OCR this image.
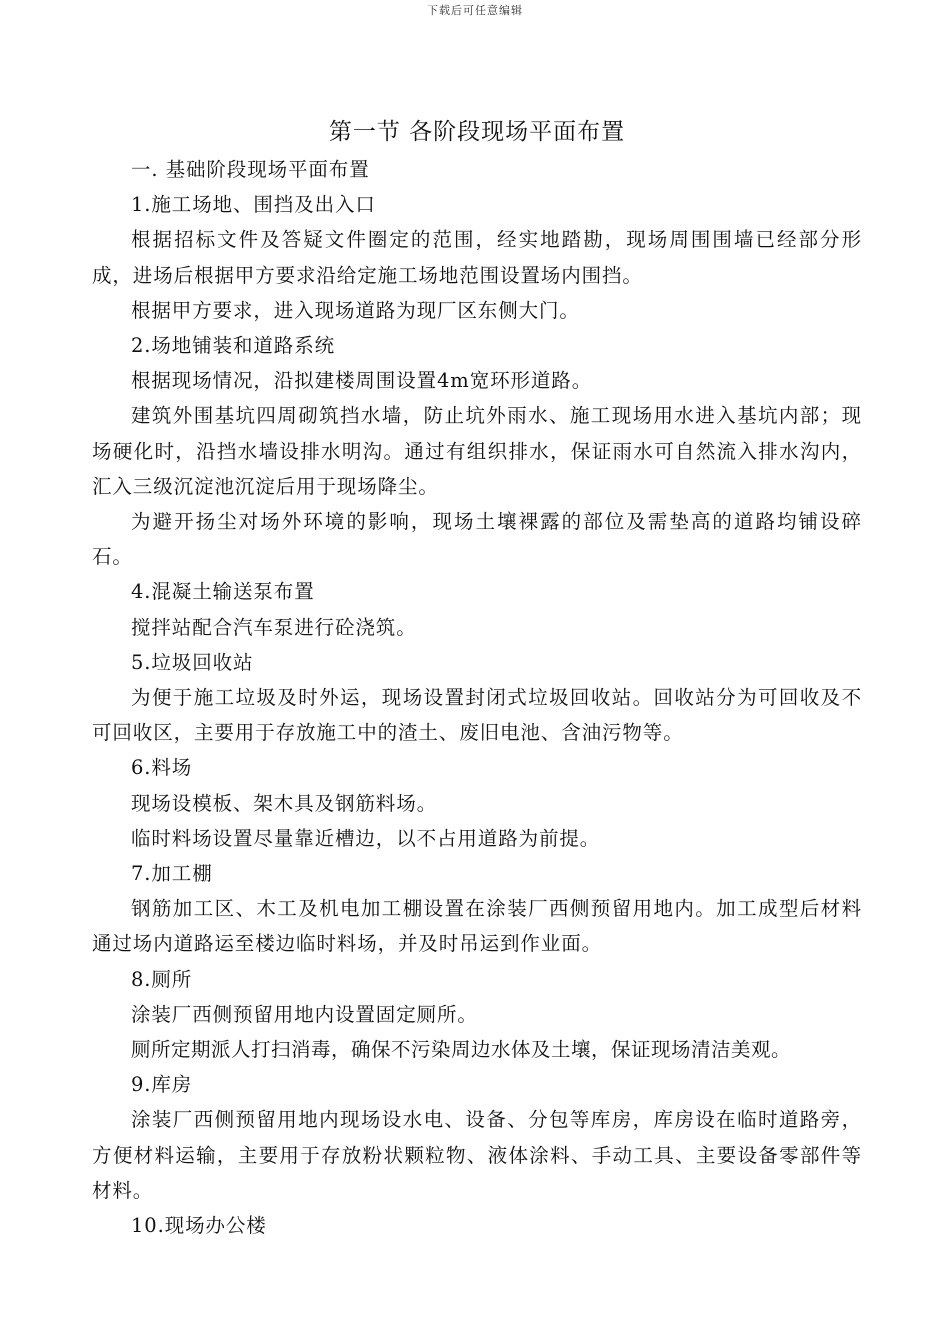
下载后可任意编辑
第一节 各阶段现场平面布置

一. 基础阶段现场平面布置

1.施工场地、围挡及出入口

根据招标文件及答疑文件圈定的范围，经实地踏勘，现场周围围墙已经部分形成，进场后根据甲方要求沿给定施工场地范围设置场内围挡。

根据甲方要求，进入现场道路为现厂区东侧大门。

2.场地铺装和道路系统

根据现场情况，沿拟建楼周围设置4m宽环形道路。

建筑外围基坑四周砌筑挡水墙，防止坑外雨水、施工现场用水进入基坑内部；现场硬化时，沿挡水墙设排水明沟。通过有组织排水，保证雨水可自然流入排水沟内，汇入三级沉淀池沉淀后用于现场降尘。

为避开扬尘对场外环境的影响，现场土壤裸露的部位及需垫高的道路均铺设碎石。

4.混凝土输送泵布置

搅拌站配合汽车泵进行砼浇筑。

5.垃圾回收站

为便于施工垃圾及时外运，现场设置封闭式垃圾回收站。回收站分为可回收及不可回收区，主要用于存放施工中的渣土、废旧电池、含油污物等。

6.料场

现场设模板、架木具及钢筋料场。

临时料场设置尽量靠近槽边，以不占用道路为前提。

7.加工棚

钢筋加工区、木工及机电加工棚设置在涂装厂西侧预留用地内。加工成型后材料通过场内道路运至楼边临时料场，并及时吊运到作业面。

8.厕所

涂装厂西侧预留用地内设置固定厕所。

厕所定期派人打扫消毒，确保不污染周边水体及土壤，保证现场清洁美观。

9.库房

涂装厂西侧预留用地内现场设水电、设备、分包等库房，库房设在临时道路旁，方便材料运输，主要用于存放粉状颗粒物、液体涂料、手动工具、主要设备零部件等材料。

10.现场办公楼
